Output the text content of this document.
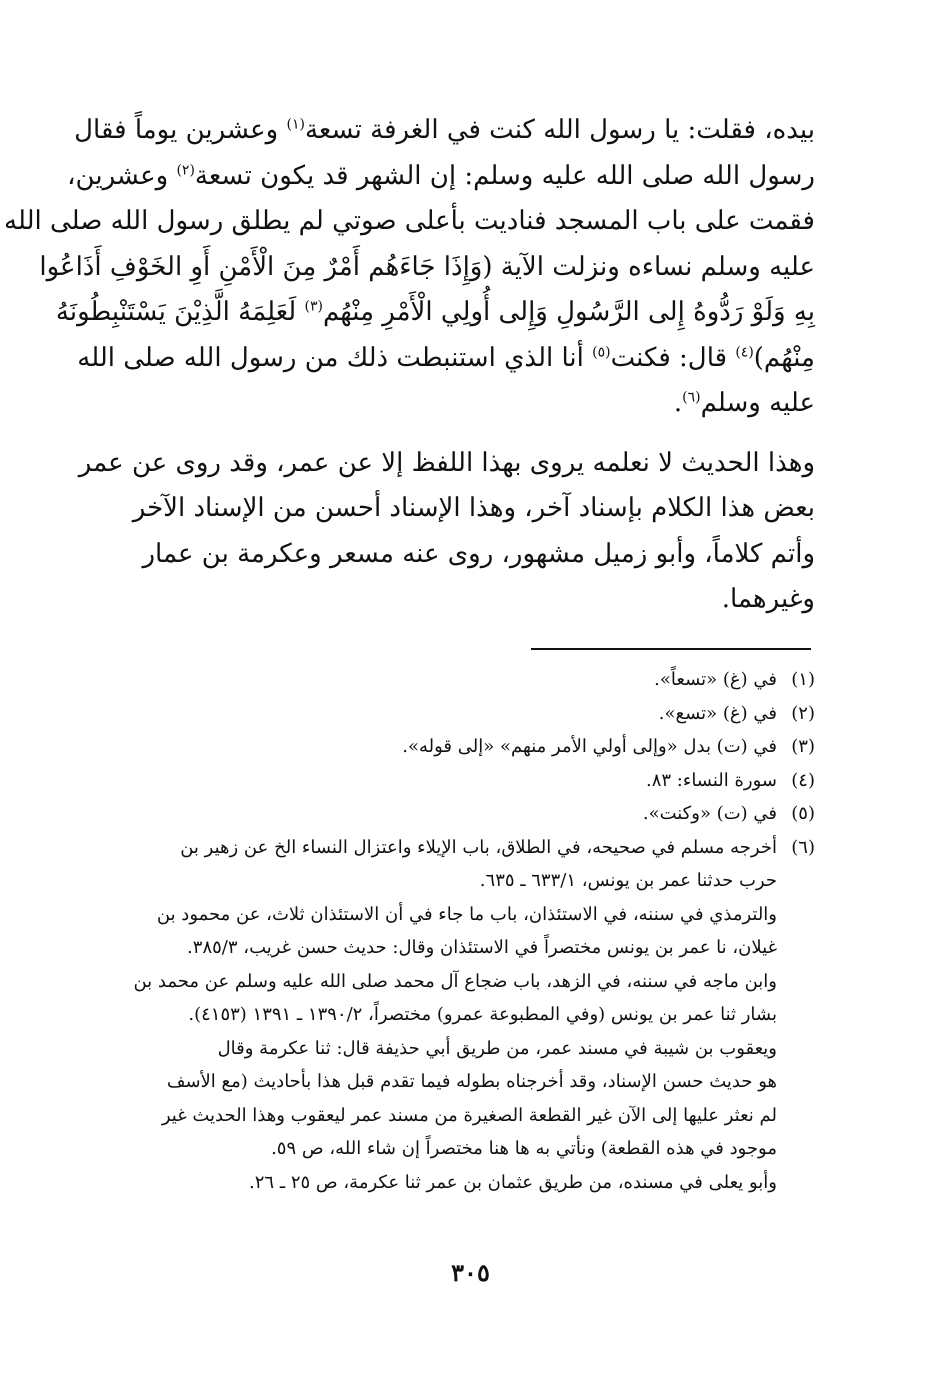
بيده، فقلت: يا رسول الله كنت في الغرفة تسعة$^{(١)}$ وعشرين يوماً فقال
رسول الله صلى الله عليه وسلم: إن الشهر قد يكون تسعة$^{(٢)}$ وعشرين،
فقمت على باب المسجد فناديت بأعلى صوتي لم يطلق رسول الله صلى الله
عليه وسلم نساءه ونزلت الآية (وَإِذَا جَاءَهُم أَمْرٌ مِنَ الْأَمْنِ أَوِ الخَوْفِ أَذَاعُوا
بِهِ وَلَوْ رَدُّوهُ إِلى الرَّسُولِ وَإِلى أُولِي الْأَمْرِ مِنْهُم$^{(٣)}$ لَعَلِمَهُ الَّذِيْنَ يَسْتَنْبِطُونَهُ
مِنْهُم)$^{(٤)}$ قال: فكنت$^{(٥)}$ أنا الذي استنبطت ذلك من رسول الله صلى الله
عليه وسلم$^{(٦)}$.

وهذا الحديث لا نعلمه يروى بهذا اللفظ إلا عن عمر، وقد روى عن عمر
بعض هذا الكلام بإسناد آخر، وهذا الإسناد أحسن من الإسناد الآخر
وأتم كلاماً، وأبو زميل مشهور، روى عنه مسعر وعكرمة بن عمار
وغيرهما.

(١)
في (غ) «تسعاً».
(٢)
في (غ) «تسع».
(٣)
في (ت) بدل «وإلى أولي الأمر منهم» «إلى قوله».
(٤)
سورة النساء: ٨٣.
(٥)
في (ت) «وكنت».
(٦)
أخرجه مسلم في صحيحه، في الطلاق، باب الإيلاء واعتزال النساء الخ عن زهير بن
حرب حدثنا عمر بن يونس، ٦٣٣/١ ـ ٦٣٥.
والترمذي في سننه، في الاستئذان، باب ما جاء في أن الاستئذان ثلاث، عن محمود بن
غيلان، نا عمر بن يونس مختصراً في الاستئذان وقال: حديث حسن غريب، ٣٨٥/٣.
وابن ماجه في سننه، في الزهد، باب ضجاع آل محمد صلى الله عليه وسلم عن محمد بن
بشار ثنا عمر بن يونس (وفي المطبوعة عمرو) مختصراً، ١٣٩٠/٢ ـ ١٣٩١ (٤١٥٣).
ويعقوب بن شيبة في مسند عمر، من طريق أبي حذيفة قال: ثنا عكرمة وقال
هو حديث حسن الإسناد، وقد أخرجناه بطوله فيما تقدم قبل هذا بأحاديث (مع الأسف
لم نعثر عليها إلى الآن غير القطعة الصغيرة من مسند عمر ليعقوب وهذا الحديث غير
موجود في هذه القطعة) ونأتي به ها هنا مختصراً إن شاء الله، ص ٥٩.
وأبو يعلى في مسنده، من طريق عثمان بن عمر ثنا عكرمة، ص ٢٥ ـ ٢٦.
٣٠٥
